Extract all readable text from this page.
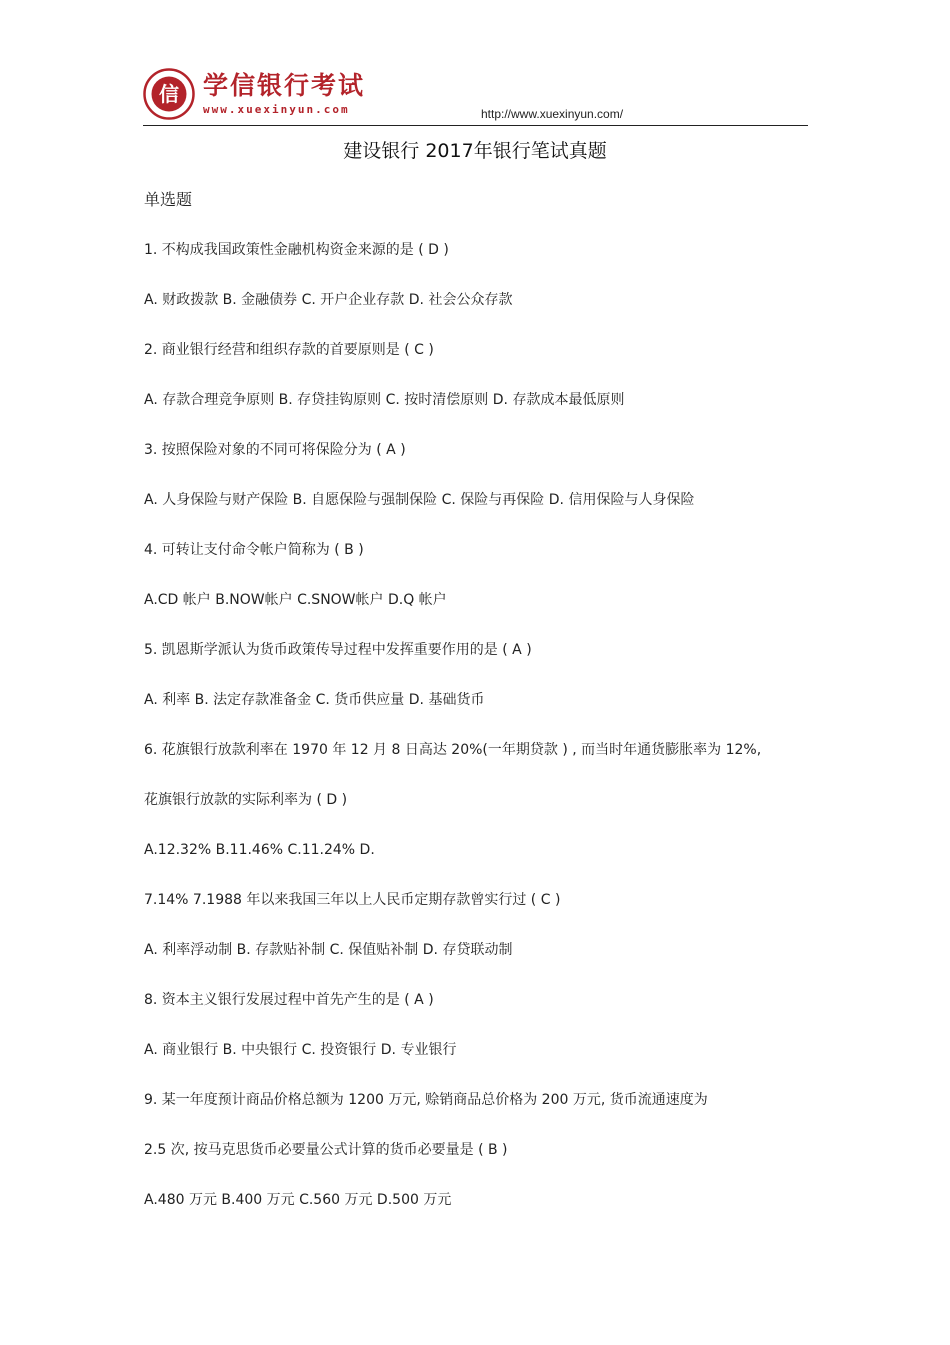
信 学信银行考试
www.xuexinyun.com	http://www.xuexinyun.com/
建设银行 2017年银行笔试真题
单选题
1. 不构成我国政策性金融机构资金来源的是 ( D )
A. 财政拨款 B. 金融债券 C. 开户企业存款 D. 社会公众存款
2. 商业银行经营和组织存款的首要原则是 ( C )
A. 存款合理竞争原则 B. 存贷挂钩原则 C. 按时清偿原则 D. 存款成本最低原则
3. 按照保险对象的不同可将保险分为 ( A )
A. 人身保险与财产保险 B. 自愿保险与强制保险 C. 保险与再保险 D. 信用保险与人身保险
4. 可转让支付命令帐户简称为 ( B )
A.CD 帐户 B.NOW帐户 C.SNOW帐户 D.Q 帐户
5. 凯恩斯学派认为货币政策传导过程中发挥重要作用的是 ( A )
A. 利率 B. 法定存款准备金 C. 货币供应量 D. 基础货币
6. 花旗银行放款利率在 1970 年 12 月 8 日高达 20%(一年期贷款 ) , 而当时年通货膨胀率为 12%,
花旗银行放款的实际利率为 ( D )
A.12.32% B.11.46% C.11.24% D.
7.14% 7.1988 年以来我国三年以上人民币定期存款曾实行过 ( C )
A. 利率浮动制 B. 存款贴补制 C. 保值贴补制 D. 存贷联动制
8. 资本主义银行发展过程中首先产生的是 ( A )
A. 商业银行 B. 中央银行 C. 投资银行 D. 专业银行
9. 某一年度预计商品价格总额为 1200 万元, 赊销商品总价格为 200 万元, 货币流通速度为
2.5 次, 按马克思货币必要量公式计算的货币必要量是 ( B )
A.480 万元 B.400 万元 C.560 万元 D.500 万元
